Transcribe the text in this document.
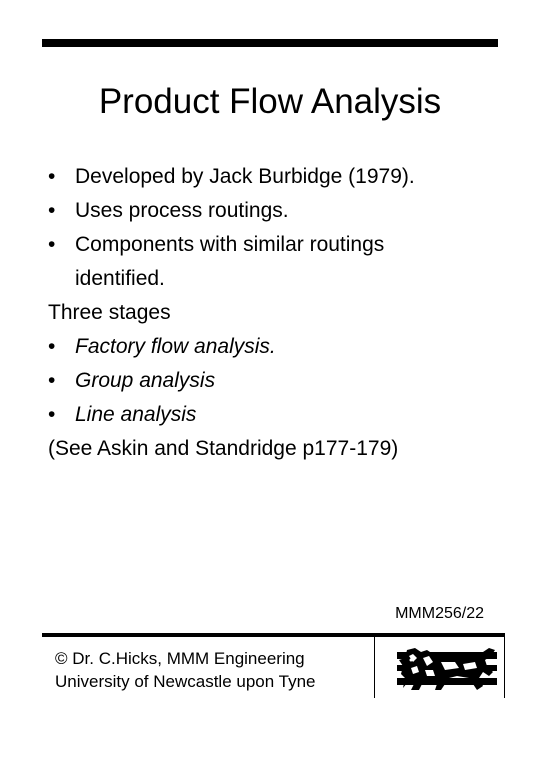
Product Flow Analysis
• Developed by Jack Burbidge (1979).
• Uses process routings.
• Components with similar routings
identified.
Three stages
• Factory flow analysis.
• Group analysis
• Line analysis
(See Askin and Standridge p177-179)
MMM256/22
© Dr. C.Hicks, MMM Engineering
University of Newcastle upon Tyne
